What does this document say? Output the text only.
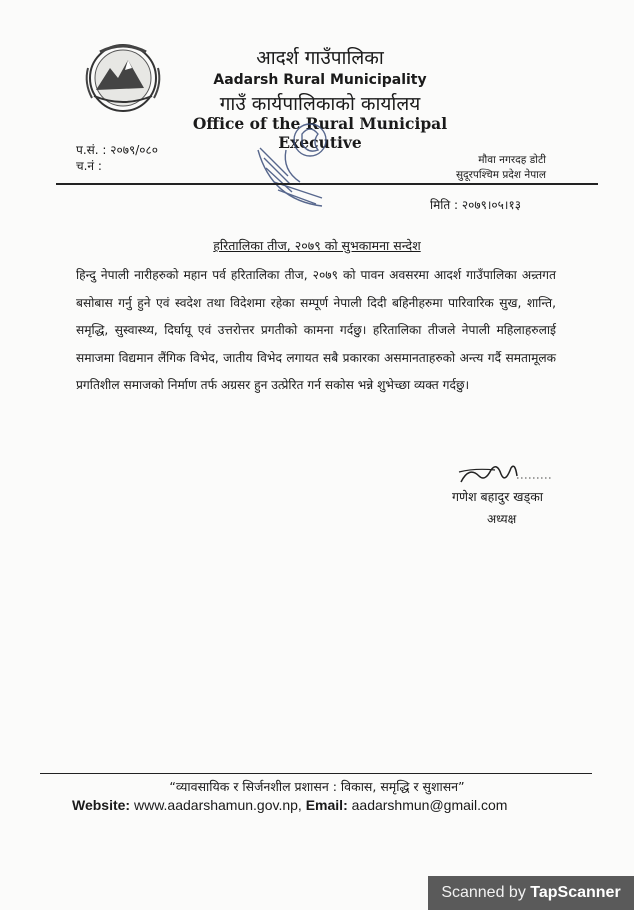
आदर्श गाउँपालिका
Aadarsh Rural Municipality
गाउँ कार्यपालिकाको कार्यालय
Office of the Rural Municipal Executive
प.सं. : २०७९/०८०
च.नं :	मौवा नगरदह डोटी
सुदूरपश्चिम प्रदेश नेपाल
मिति : २०७९।०५।१३
हरितालिका तीज, २०७९ को सुभकामना सन्देश
हिन्दु नेपाली नारीहरुको महान पर्व हरितालिका तीज, २०७९ को पावन अवसरमा आदर्श गाउँपालिका अन्र्तगत बसोबास गर्नु हुने एवं स्वदेश तथा विदेशमा रहेका सम्पूर्ण नेपाली दिदी बहिनीहरुमा पारिवारिक सुख, शान्ति, समृद्धि, सुस्वास्थ्य, दिर्घायू एवं उत्तरोत्तर प्रगतीको कामना गर्दछु। हरितालिका तीजले नेपाली महिलाहरुलाई समाजमा विद्यमान लैंगिक विभेद, जातीय विभेद लगायत सबै प्रकारका असमानताहरुको अन्त्य गर्दै समतामूलक प्रगतिशील समाजको निर्माण तर्फ अग्रसर हुन उत्प्रेरित गर्न सकोस भन्ने शुभेच्छा व्यक्त गर्दछु।
गणेश बहादुर खड्का
अध्यक्ष
“व्यावसायिक र सिर्जनशील प्रशासन : विकास, समृद्धि र सुशासन”
Website: www.aadarshamun.gov.np, Email: aadarshmun@gmail.com
Scanned by TapScanner
